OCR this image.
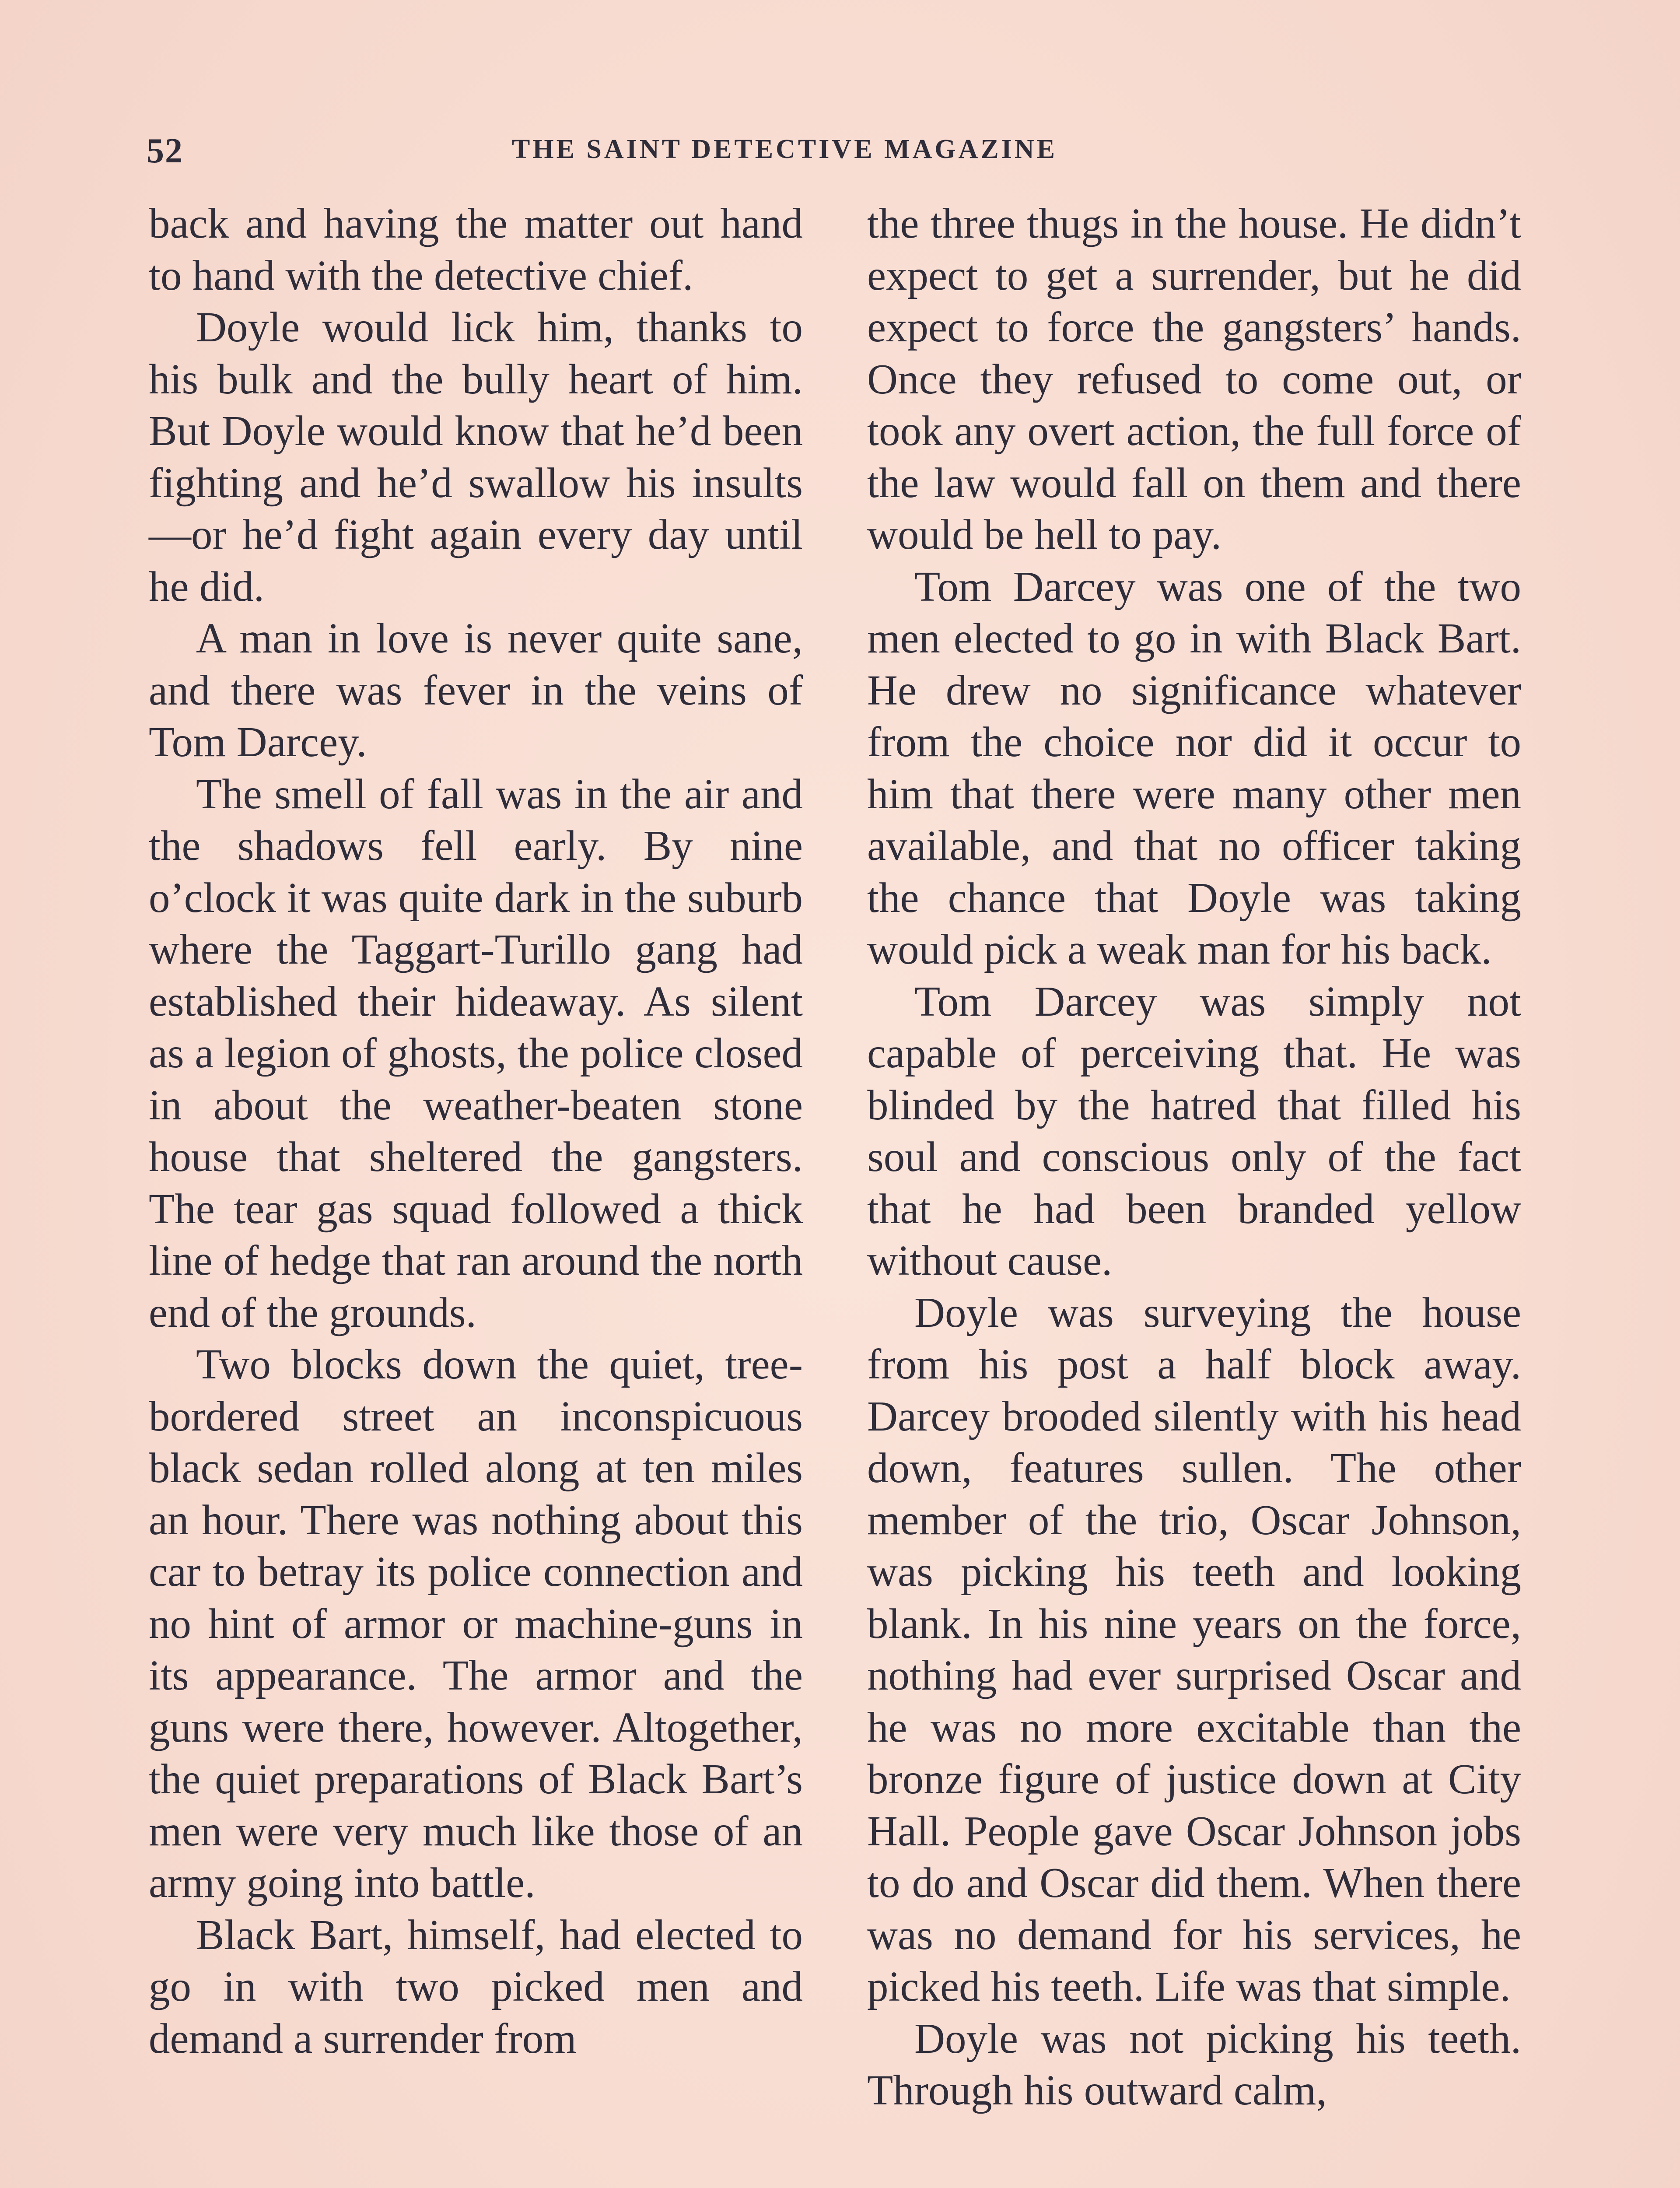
52	THE SAINT DETECTIVE MAGAZINE

back and having the matter out hand to hand with the detective chief.

Doyle would lick him, thanks to his bulk and the bully heart of him. But Doyle would know that he’d been fighting and he’d swallow his insults—or he’d fight again every day until he did.

A man in love is never quite sane, and there was fever in the veins of Tom Darcey.

The smell of fall was in the air and the shadows fell early. By nine o’clock it was quite dark in the suburb where the Taggart-Turillo gang had established their hideaway. As silent as a legion of ghosts, the police closed in about the weather-beaten stone house that sheltered the gangsters. The tear gas squad followed a thick line of hedge that ran around the north end of the grounds.

Two blocks down the quiet, tree-bordered street an inconspicuous black sedan rolled along at ten miles an hour. There was nothing about this car to betray its police connection and no hint of armor or machine-guns in its appearance. The armor and the guns were there, however. Altogether, the quiet preparations of Black Bart’s men were very much like those of an army going into battle.

Black Bart, himself, had elected to go in with two picked men and demand a surrender from

the three thugs in the house. He didn’t expect to get a surrender, but he did expect to force the gangsters’ hands. Once they refused to come out, or took any overt action, the full force of the law would fall on them and there would be hell to pay.

Tom Darcey was one of the two men elected to go in with Black Bart. He drew no significance whatever from the choice nor did it occur to him that there were many other men available, and that no officer taking the chance that Doyle was taking would pick a weak man for his back.

Tom Darcey was simply not capable of perceiving that. He was blinded by the hatred that filled his soul and conscious only of the fact that he had been branded yellow without cause.

Doyle was surveying the house from his post a half block away. Darcey brooded silently with his head down, features sullen. The other member of the trio, Oscar Johnson, was picking his teeth and looking blank. In his nine years on the force, nothing had ever surprised Oscar and he was no more excitable than the bronze figure of justice down at City Hall. People gave Oscar Johnson jobs to do and Oscar did them. When there was no demand for his services, he picked his teeth. Life was that simple.

Doyle was not picking his teeth. Through his outward calm,
